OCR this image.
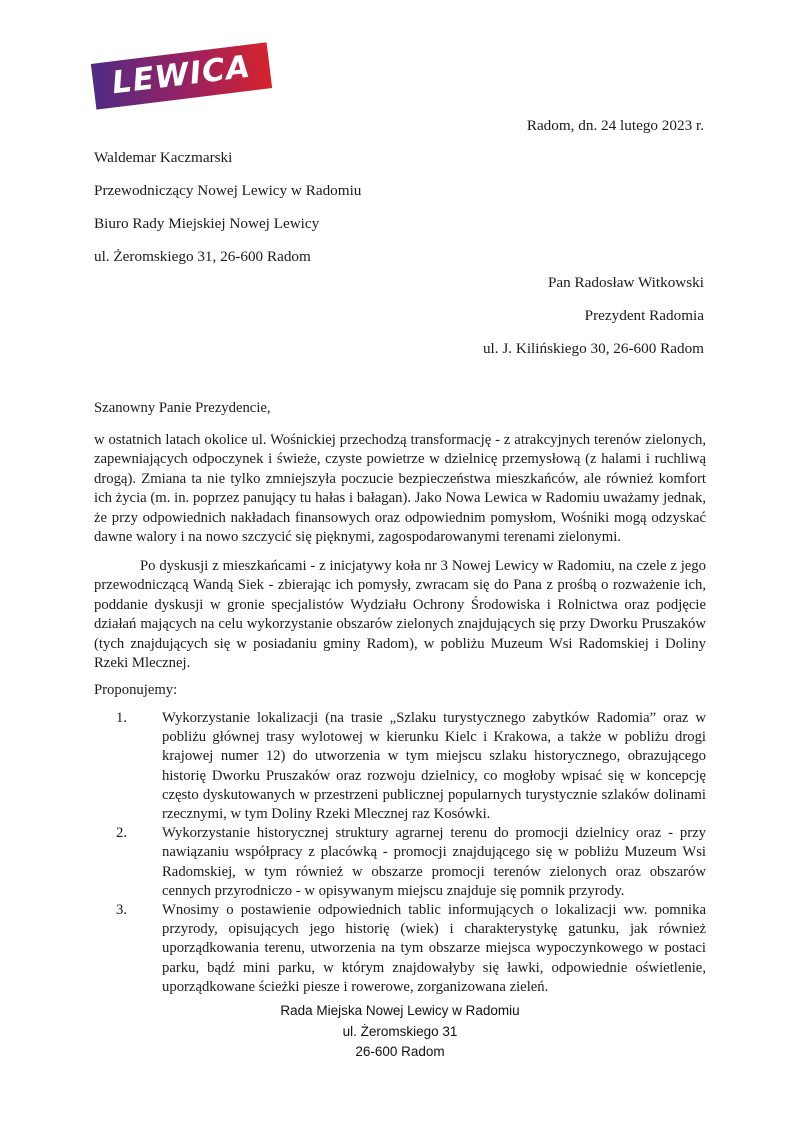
LEWICA
Radom, dn. 24 lutego 2023 r.
Waldemar Kaczmarski
Przewodniczący Nowej Lewicy w Radomiu
Biuro Rady Miejskiej Nowej Lewicy
ul. Żeromskiego 31, 26-600 Radom
Pan Radosław Witkowski
Prezydent Radomia
ul. J. Kilińskiego 30, 26-600 Radom
Szanowny Panie Prezydencie,

w ostatnich latach okolice ul. Wośnickiej przechodzą transformację - z atrakcyjnych terenów zielonych, zapewniających odpoczynek i świeże, czyste powietrze w dzielnicę przemysłową (z halami i ruchliwą drogą). Zmiana ta nie tylko zmniejszyła poczucie bezpieczeństwa mieszkańców, ale również komfort ich życia (m. in. poprzez panujący tu hałas i bałagan). Jako Nowa Lewica w Radomiu uważamy jednak, że przy odpowiednich nakładach finansowych oraz odpowiednim pomysłom, Wośniki mogą odzyskać dawne walory i na nowo szczycić się pięknymi, zagospodarowanymi terenami zielonymi.

Po dyskusji z mieszkańcami - z inicjatywy koła nr 3 Nowej Lewicy w Radomiu, na czele z jego przewodniczącą Wandą Siek - zbierając ich pomysły, zwracam się do Pana z prośbą o rozważenie ich, poddanie dyskusji w gronie specjalistów Wydziału Ochrony Środowiska i Rolnictwa oraz podjęcie działań mających na celu wykorzystanie obszarów zielonych znajdujących się przy Dworku Pruszaków (tych znajdujących się w posiadaniu gminy Radom), w pobliżu Muzeum Wsi Radomskiej i Doliny Rzeki Mlecznej.

Proponujemy:
1. Wykorzystanie lokalizacji (na trasie „Szlaku turystycznego zabytków Radomia” oraz w pobliżu głównej trasy wylotowej w kierunku Kielc i Krakowa, a także w pobliżu drogi krajowej numer 12) do utworzenia w tym miejscu szlaku historycznego, obrazującego historię Dworku Pruszaków oraz rozwoju dzielnicy, co mogłoby wpisać się w koncepcję często dyskutowanych w przestrzeni publicznej popularnych turystycznie szlaków dolinami rzecznymi, w tym Doliny Rzeki Mlecznej raz Kosówki.
2. Wykorzystanie historycznej struktury agrarnej terenu do promocji dzielnicy oraz - przy nawiązaniu współpracy z placówką - promocji znajdującego się w pobliżu Muzeum Wsi Radomskiej, w tym również w obszarze promocji terenów zielonych oraz obszarów cennych przyrodniczo - w opisywanym miejscu znajduje się pomnik przyrody.
3. Wnosimy o postawienie odpowiednich tablic informujących o lokalizacji ww. pomnika przyrody, opisujących jego historię (wiek) i charakterystykę gatunku, jak również uporządkowania terenu, utworzenia na tym obszarze miejsca wypoczynkowego w postaci parku, bądź mini parku, w którym znajdowałyby się ławki, odpowiednie oświetlenie, uporządkowane ścieżki piesze i rowerowe, zorganizowana zieleń.
Rada Miejska Nowej Lewicy w Radomiu
ul. Żeromskiego 31
26-600 Radom
